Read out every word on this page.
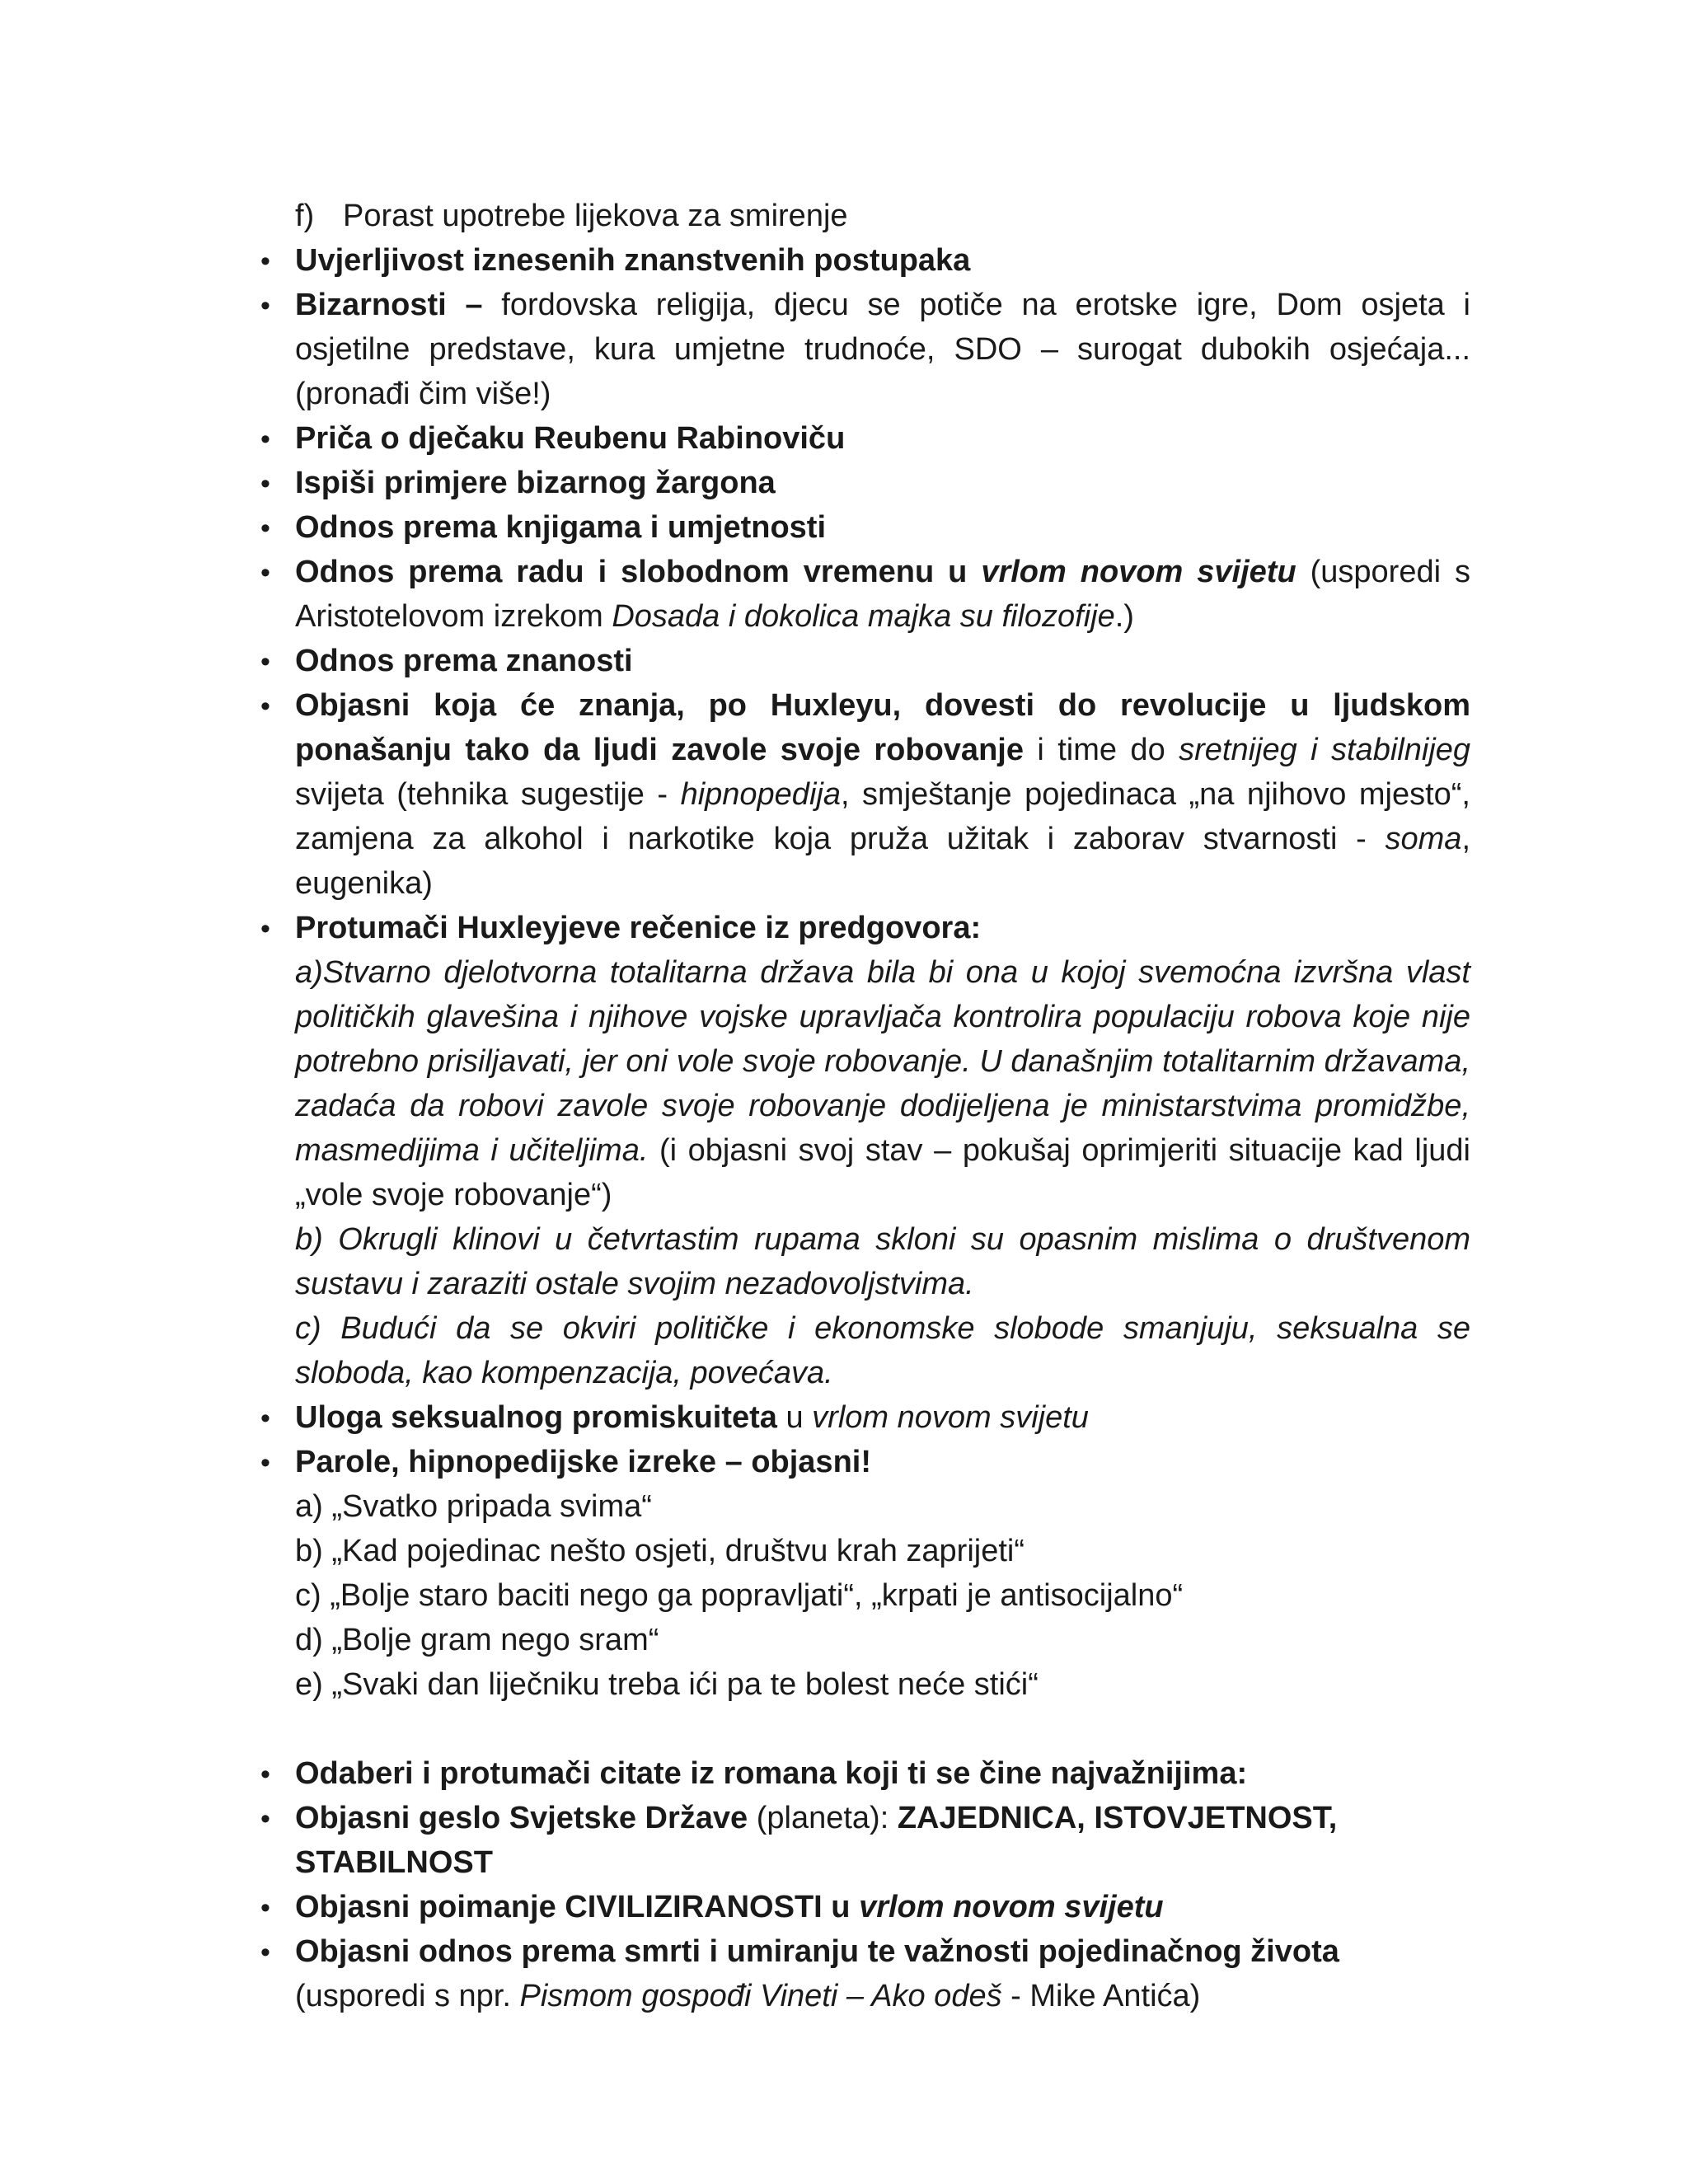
f) Porast upotrebe lijekova za smirenje
•
Uvjerljivost iznesenih znanstvenih postupaka
•
Bizarnosti – fordovska religija, djecu se potiče na erotske igre, Dom osjeta i osjetilne predstave, kura umjetne trudnoće, SDO – surogat dubokih osjećaja... (pronađi čim više!)
•
Priča o dječaku Reubenu Rabinoviču
•
Ispiši primjere bizarnog žargona
•
Odnos prema knjigama i umjetnosti
•
Odnos prema radu i slobodnom vremenu u vrlom novom svijetu (usporedi s Aristotelovom izrekom Dosada i dokolica majka su filozofije.)
•
Odnos prema znanosti
•
Objasni koja će znanja, po Huxleyu, dovesti do revolucije u ljudskom ponašanju tako da ljudi zavole svoje robovanje i time do sretnijeg i stabilnijeg svijeta (tehnika sugestije - hipnopedija, smještanje pojedinaca „na njihovo mjesto“, zamjena za alkohol i narkotike koja pruža užitak i zaborav stvarnosti - soma, eugenika)
•
Protumači Huxleyjeve rečenice iz predgovora:
a)Stvarno djelotvorna totalitarna država bila bi ona u kojoj svemoćna izvršna vlast političkih glavešina i njihove vojske upravljača kontrolira populaciju robova koje nije potrebno prisiljavati, jer oni vole svoje robovanje. U današnjim totalitarnim državama, zadaća da robovi zavole svoje robovanje dodijeljena je ministarstvima promidžbe, masmedijima i učiteljima. (i objasni svoj stav – pokušaj oprimjeriti situacije kad ljudi „vole svoje robovanje“)
b) Okrugli klinovi u četvrtastim rupama skloni su opasnim mislima o društvenom sustavu i zaraziti ostale svojim nezadovoljstvima.
c) Budući da se okviri političke i ekonomske slobode smanjuju, seksualna se sloboda, kao kompenzacija, povećava.
•
Uloga seksualnog promiskuiteta u vrlom novom svijetu
•
Parole, hipnopedijske izreke – objasni!
a) „Svatko pripada svima“
b) „Kad pojedinac nešto osjeti, društvu krah zaprijeti“
c) „Bolje staro baciti nego ga popravljati“, „krpati je antisocijalno“
d) „Bolje gram nego sram“
e) „Svaki dan liječniku treba ići pa te bolest neće stići“
•
Odaberi i protumači citate iz romana koji ti se čine najvažnijima:
•
Objasni geslo Svjetske Države (planeta): ZAJEDNICA, ISTOVJETNOST, STABILNOST
•
Objasni poimanje CIVILIZIRANOSTI u vrlom novom svijetu
•
Objasni odnos prema smrti i umiranju te važnosti pojedinačnog života
(usporedi s npr. Pismom gospođi Vineti – Ako odeš - Mike Antića)
